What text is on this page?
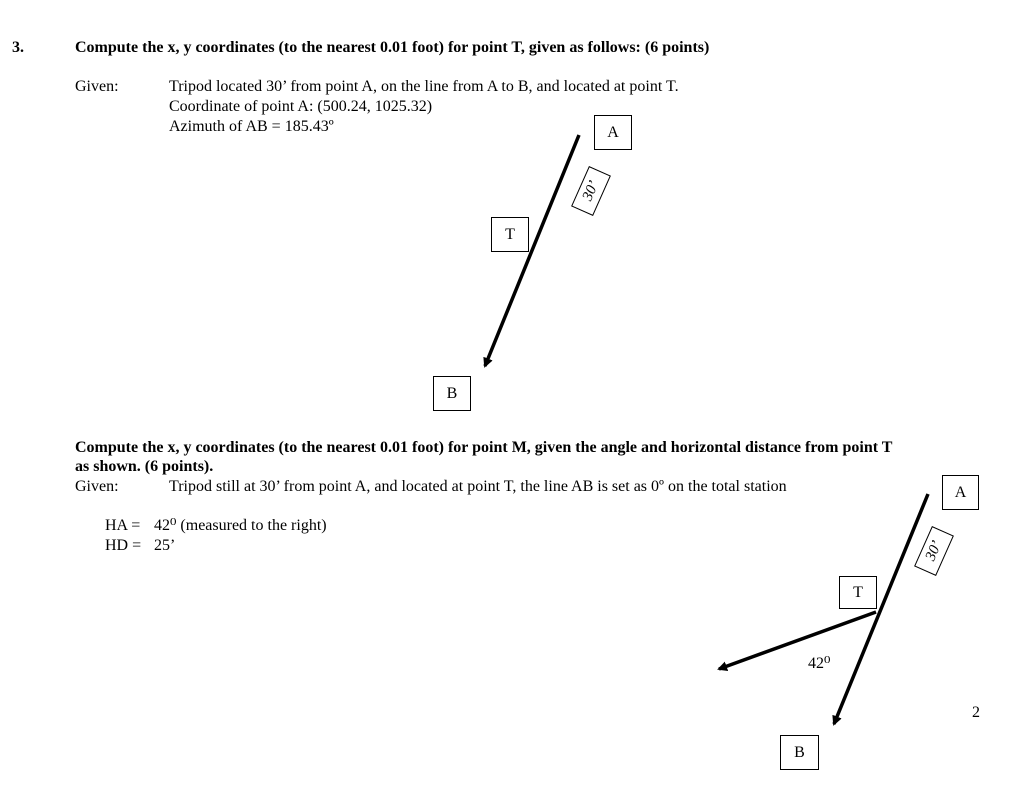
3.	Compute the x, y coordinates (to the nearest 0.01 foot) for point T, given as follows: (6 points)
Given:	Tripod located 30’ from point A, on the line from A to B, and located at point T.
Coordinate of point A: (500.24, 1025.32)
Azimuth of AB = 185.43º	A
T
B
30’
Compute the x, y coordinates (to the nearest 0.01 foot) for point M, given the angle and horizontal distance from point T
as shown. (6 points).
Given:	Tripod still at 30’ from point A, and located at point T, the line AB is set as 0º on the total station
HA = 42⁰ (measured to the right)
HD = 25’
A
T
B
30’
42⁰
2
